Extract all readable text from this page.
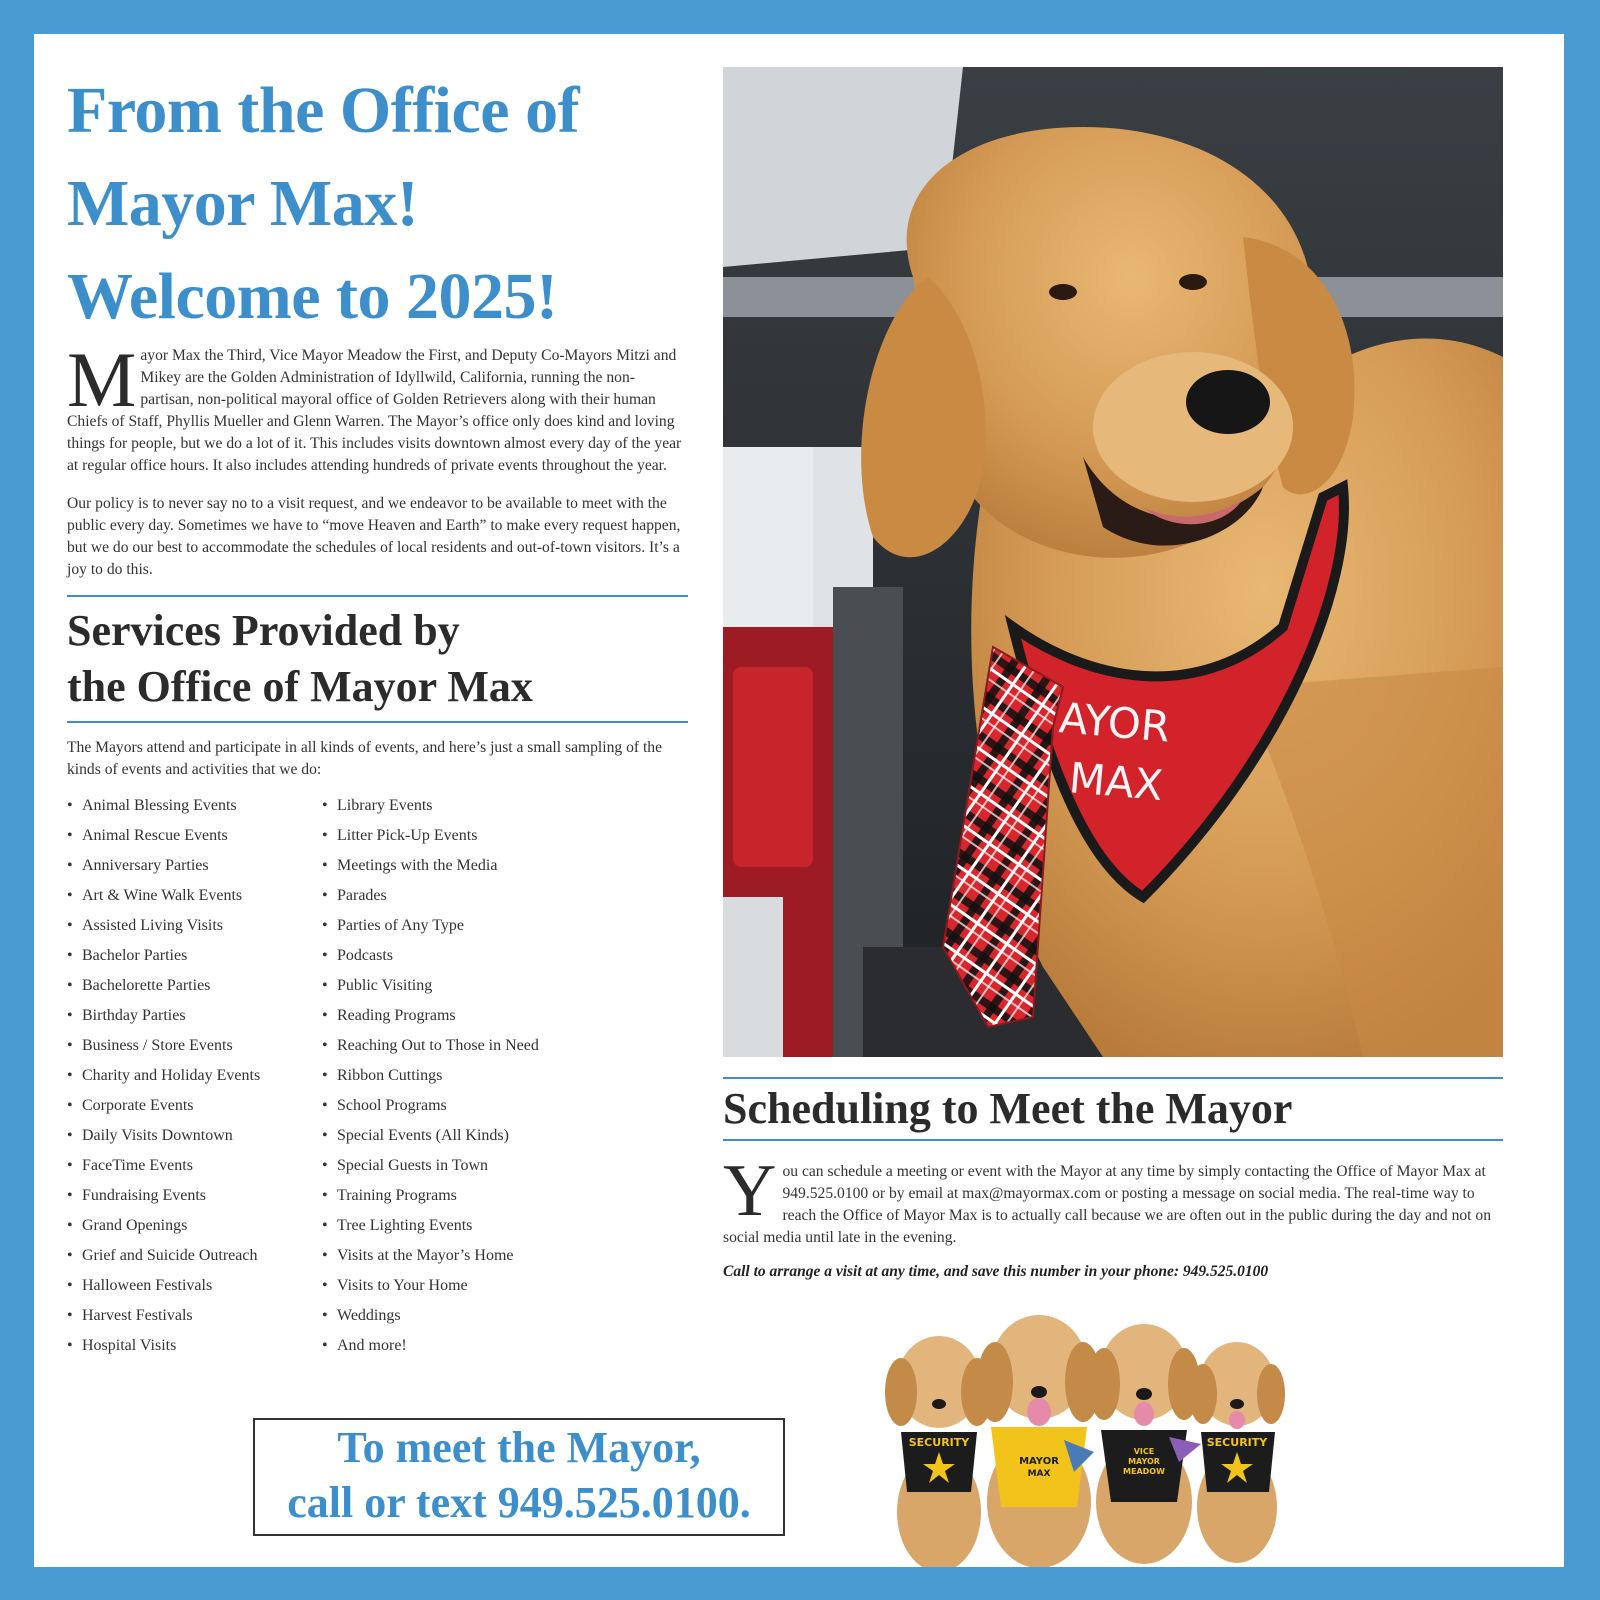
From the Office of
Mayor Max!
Welcome to 2025!

Mayor Max the Third, Vice Mayor Meadow the First, and Deputy Co-Mayors Mitzi and Mikey are the Golden Administration of Idyllwild, California, running the non-partisan, non-political mayoral office of Golden Retrievers along with their human Chiefs of Staff, Phyllis Mueller and Glenn Warren. The Mayor’s office only does kind and loving things for people, but we do a lot of it. This includes visits downtown almost every day of the year at regular office hours. It also includes attending hundreds of private events throughout the year.

Our policy is to never say no to a visit request, and we endeavor to be available to meet with the public every day. Sometimes we have to “move Heaven and Earth” to make every request happen, but we do our best to accommodate the schedules of local residents and out-of-town visitors. It’s a joy to do this.

Services Provided by
the Office of Mayor Max

The Mayors attend and participate in all kinds of events, and here’s just a small sampling of the kinds of events and activities that we do:

• Animal Blessing Events
• Animal Rescue Events
• Anniversary Parties
• Art & Wine Walk Events
• Assisted Living Visits
• Bachelor Parties
• Bachelorette Parties
• Birthday Parties
• Business / Store Events
• Charity and Holiday Events
• Corporate Events
• Daily Visits Downtown
• FaceTime Events
• Fundraising Events
• Grand Openings
• Grief and Suicide Outreach
• Halloween Festivals
• Harvest Festivals
• Hospital Visits
• Library Events
• Litter Pick-Up Events
• Meetings with the Media
• Parades
• Parties of Any Type
• Podcasts
• Public Visiting
• Reading Programs
• Reaching Out to Those in Need
• Ribbon Cuttings
• School Programs
• Special Events (All Kinds)
• Special Guests in Town
• Training Programs
• Tree Lighting Events
• Visits at the Mayor’s Home
• Visits to Your Home
• Weddings
• And more!
To meet the Mayor,
call or text 949.525.0100.
AYOR
MAX
Scheduling to Meet the Mayor

You can schedule a meeting or event with the Mayor at any time by simply contacting the Office of Mayor Max at 949.525.0100 or by email at max@mayormax.com or posting a message on social media. The real-time way to reach the Office of Mayor Max is to actually call because we are often out in the public during the day and not on social media until late in the evening.

Call to arrange a visit at any time, and save this number in your phone: 949.525.0100

SECURITY
MAYOR
MAX
VICE
MAYOR
MEADOW
SECURITY
